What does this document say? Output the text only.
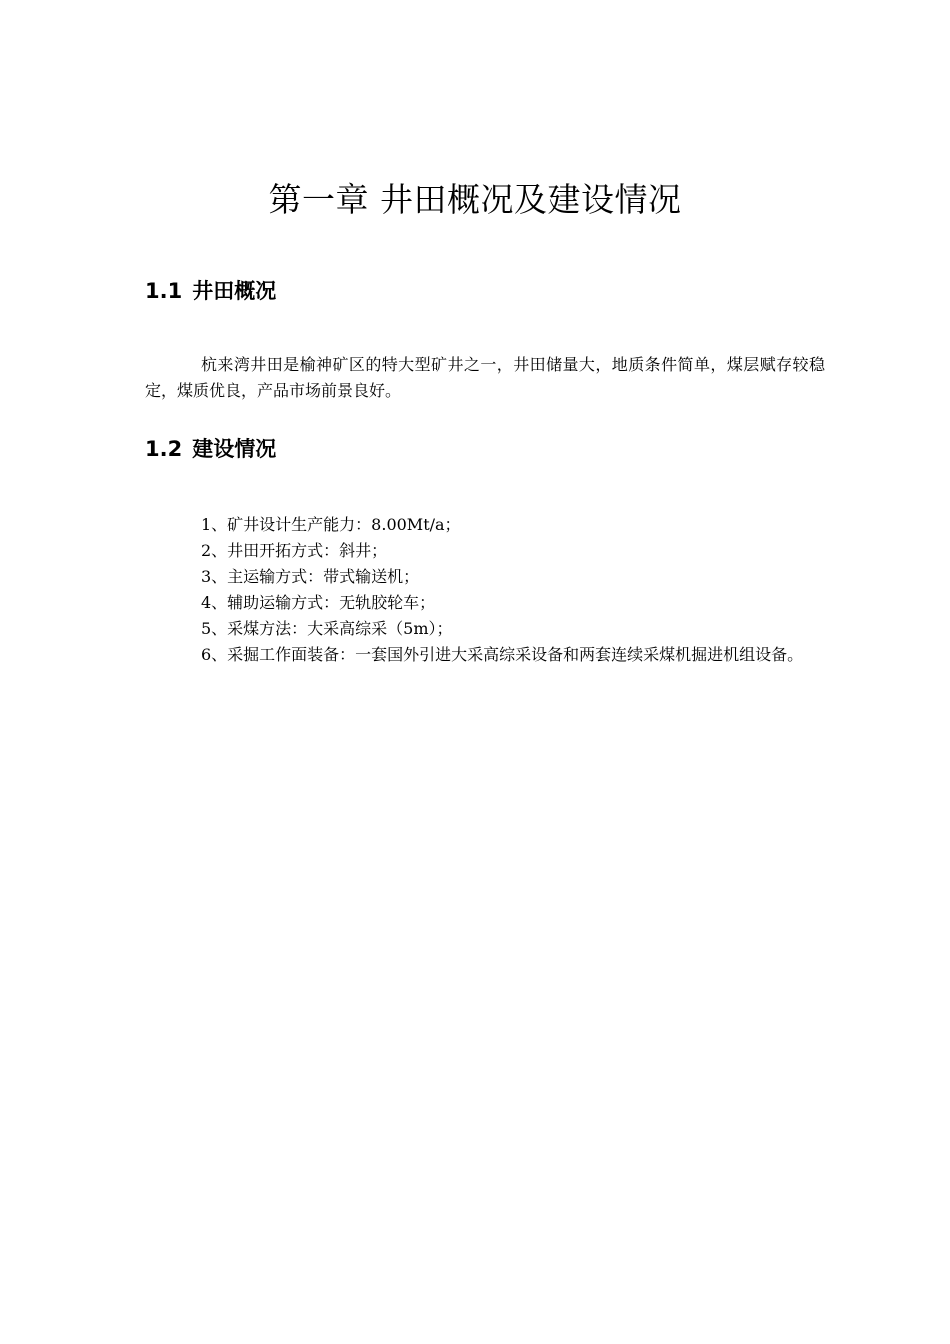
第一章 井田概况及建设情况
1.1 井田概况

杭来湾井田是榆神矿区的特大型矿井之一，井田储量大，地质条件简单，煤层赋存较稳定，煤质优良，产品市场前景良好。

1.2 建设情况
1、矿井设计生产能力：8.00Mt/a；
2、井田开拓方式：斜井；
3、主运输方式：带式输送机；
4、辅助运输方式：无轨胶轮车；
5、采煤方法：大采高综采（5m）；
6、采掘工作面装备：一套国外引进大采高综采设备和两套连续采煤机掘进机组设备。
